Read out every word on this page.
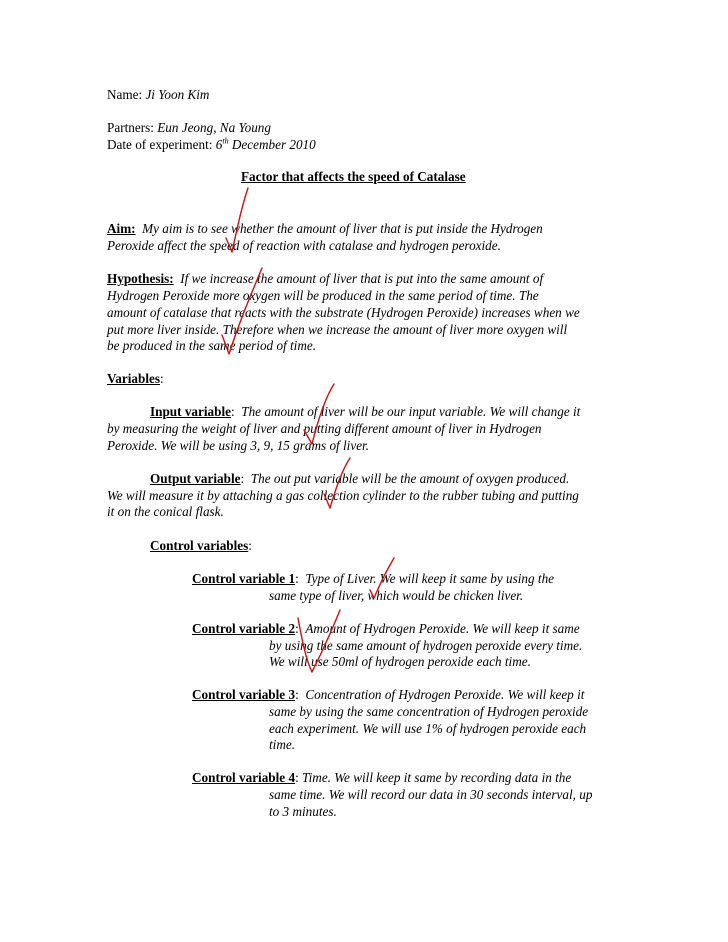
Name: Ji Yoon Kim
Partners: Eun Jeong, Na Young
Date of experiment: 6th December 2010
Factor that affects the speed of Catalase
Aim: My aim is to see whether the amount of liver that is put inside the Hydrogen
Peroxide affect the speed of reaction with catalase and hydrogen peroxide.
Hypothesis: If we increase the amount of liver that is put into the same amount of
Hydrogen Peroxide more oxygen will be produced in the same period of time. The
amount of catalase that reacts with the substrate (Hydrogen Peroxide) increases when we
put more liver inside. Therefore when we increase the amount of liver more oxygen will
be produced in the same period of time.
Variables:
Input variable:  The amount of liver will be our input variable. We will change it
by measuring the weight of liver and putting different amount of liver in Hydrogen
Peroxide. We will be using 3, 9, 15 grams of liver.
Output variable:  The out put variable will be the amount of oxygen produced.
We will measure it by attaching a gas collection cylinder to the rubber tubing and putting
it on the conical flask.
Control variables:
Control variable 1:  Type of Liver. We will keep it same by using the
same type of liver, which would be chicken liver.
Control variable 2:  Amount of Hydrogen Peroxide. We will keep it same
by using the same amount of hydrogen peroxide every time.
We will use 50ml of hydrogen peroxide each time.
Control variable 3:  Concentration of Hydrogen Peroxide. We will keep it
same by using the same concentration of Hydrogen peroxide
each experiment. We will use 1% of hydrogen peroxide each
time.
Control variable 4: Time. We will keep it same by recording data in the
same time. We will record our data in 30 seconds interval, up
to 3 minutes.
